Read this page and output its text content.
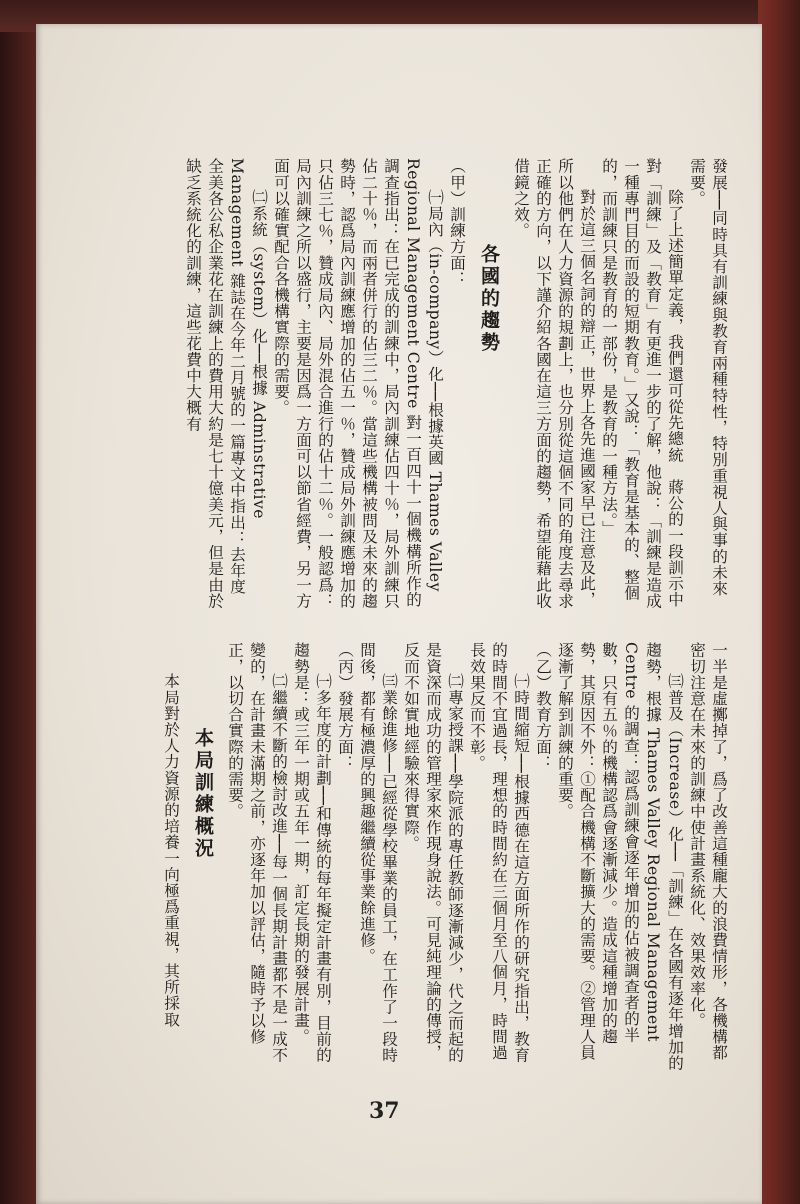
發展──同時具有訓練與教育兩種特性，特別重視人與事的未來需要。

除了上述簡單定義，我們還可從先總統　蔣公的一段訓示中對「訓練」及「教育」有更進一步的了解，他說：「訓練是造成一種專門目的而設的短期教育。」又說：「教育是基本的、整個的，而訓練只是教育的一部份，是教育的一種方法。」

對於這三個名詞的辯正，世界上各先進國家早已注意及此，所以他們在人力資源的規劃上，也分別從這個不同的角度去尋求正確的方向，以下謹介紹各國在這三方面的趨勢，希望能藉此收借鏡之效。

各國的趨勢

（甲）訓練方面：

㈠局內（in-company）化──根據英國 Thames Valley Regional Management Centre 對一百四十一個機構所作的調查指出：在已完成的訓練中，局內訓練佔四十％，局外訓練只佔二十％，而兩者併行的佔三二％。當這些機構被問及未來的趨勢時，認爲局內訓練應增加的佔五一％，贊成局外訓練應增加的只佔三七％，贊成局內、局外混合進行的佔十二％。一般認爲：局內訓練之所以盛行，主要是因爲一方面可以節省經費，另一方面可以確實配合各機構實際的需要。

㈡系統（system）化──根據 Adminstrative Management 雜誌在今年二月號的一篇專文中指出：去年度全美各公私企業花在訓練上的費用大約是七十億美元，但是由於缺乏系統化的訓練，這些花費中大概有

一半是虛擲掉了，爲了改善這種龐大的浪費情形，各機構都密切注意在未來的訓練中使計畫系統化、效果效率化。

㈢普及（Increase）化──「訓練」在各國有逐年增加的趨勢，根據 Thames Valley Regional Management Centre 的調查：認爲訓練會逐年增加的佔被調查者的半數，只有五％的機構認爲會逐漸減少。造成這種增加的趨勢，其原因不外：①配合機構不斷擴大的需要。②管理人員逐漸了解到訓練的重要。

（乙）教育方面：

㈠時間縮短──根據西德在這方面所作的研究指出，教育的時間不宜過長，理想的時間約在三個月至八個月，時間過長效果反而不彰。

㈡專家授課──學院派的專任教師逐漸減少，代之而起的是資深而成功的管理家來作現身說法。可見純理論的傳授，反而不如實地經驗來得實際。

㈢業餘進修──已經從學校畢業的員工，在工作了一段時間後，都有極濃厚的興趣繼續從事業餘進修。

（丙）發展方面：

㈠多年度的計劃──和傳統的每年擬定計畫有別，目前的趨勢是：或三年一期或五年一期，訂定長期的發展計畫。

㈡繼續不斷的檢討改進──每一個長期計畫都不是一成不變的，在計畫未滿期之前，亦逐年加以評估，隨時予以修正，以切合實際的需要。

本局訓練概況

本局對於人力資源的培養一向極爲重視，其所採取

37
